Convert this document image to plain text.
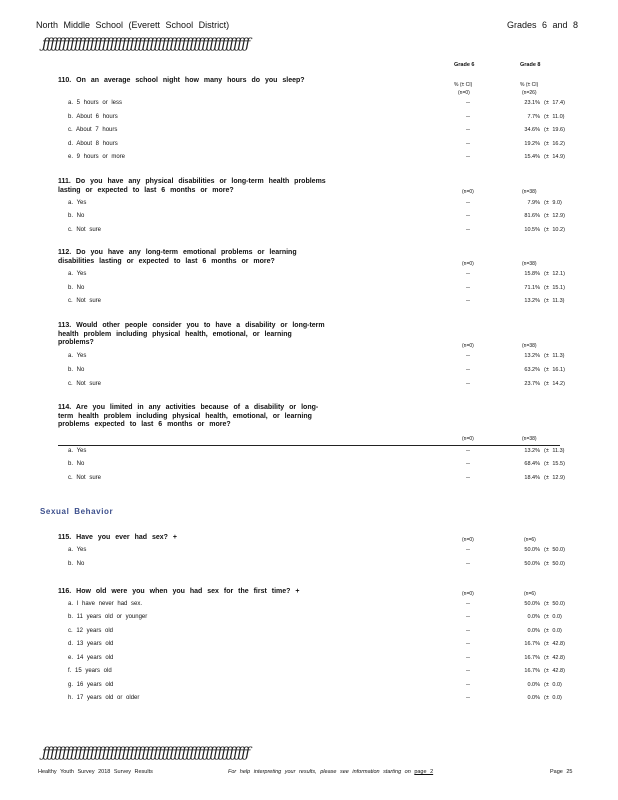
North Middle School (Everett School District)	Grades 6 and 8
ƒƒƒƒƒƒƒƒƒƒƒƒƒƒƒƒƒƒƒƒƒƒƒƒƒƒƒƒƒƒƒƒƒƒƒƒƒƒƒƒƒƒƒƒƒƒƒƒƒƒƒƒ
Grade 6	Grade 8
% (± CI)	% (± CI)
110. On an average school night how many hours do you sleep?
(n=0)	(n=26)
a. 5 hours or less	--	23.1% (± 17.4)
b. About 6 hours	--	7.7% (± 11.0)
c. About 7 hours	--	34.6% (± 19.6)
d. About 8 hours	--	19.2% (± 16.2)
e. 9 hours or more	--	15.4% (± 14.9)
111. Do you have any physical disabilities or long-term health problems lasting or expected to last 6 months or more?	(n=0)	(n=38)
a. Yes	--	7.9% (± 9.0)
b. No	--	81.6% (± 12.9)
c. Not sure	--	10.5% (± 10.2)
112. Do you have any long-term emotional problems or learning disabilities lasting or expected to last 6 months or more?	(n=0)	(n=38)
a. Yes	--	15.8% (± 12.1)
b. No	--	71.1% (± 15.1)
c. Not sure	--	13.2% (± 11.3)
113. Would other people consider you to have a disability or long-term health problem including physical health, emotional, or learning problems?	(n=0)	(n=38)
a. Yes	--	13.2% (± 11.3)
b. No	--	63.2% (± 16.1)
c. Not sure	--	23.7% (± 14.2)
114. Are you limited in any activities because of a disability or long-term health problem including physical health, emotional, or learning problems expected to last 6 months or more?
(n=0)	(n=38)
a. Yes	--	13.2% (± 11.3)
b. No	--	68.4% (± 15.5)
c. Not sure	--	18.4% (± 12.9)
Sexual Behavior
115. Have you ever had sex? +	(n=0)	(n=6)
a. Yes	--	50.0% (± 50.0)
b. No	--	50.0% (± 50.0)
116. How old were you when you had sex for the first time? +	(n=0)	(n=6)
a. I have never had sex.	--	50.0% (± 50.0)
b. 11 years old or younger	--	0.0% (± 0.0)
c. 12 years old	--	0.0% (± 0.0)
d. 13 years old	--	16.7% (± 42.8)
e. 14 years old	--	16.7% (± 42.8)
f. 15 years old	--	16.7% (± 42.8)
g. 16 years old	--	0.0% (± 0.0)
h. 17 years old or older	--	0.0% (± 0.0)
ƒƒƒƒƒƒƒƒƒƒƒƒƒƒƒƒƒƒƒƒƒƒƒƒƒƒƒƒƒƒƒƒƒƒƒƒƒƒƒƒƒƒƒƒƒƒƒƒƒƒƒƒ
Healthy Youth Survey 2018 Survey Results	For help interpreting your results, please see information starting on page 2	Page 25
